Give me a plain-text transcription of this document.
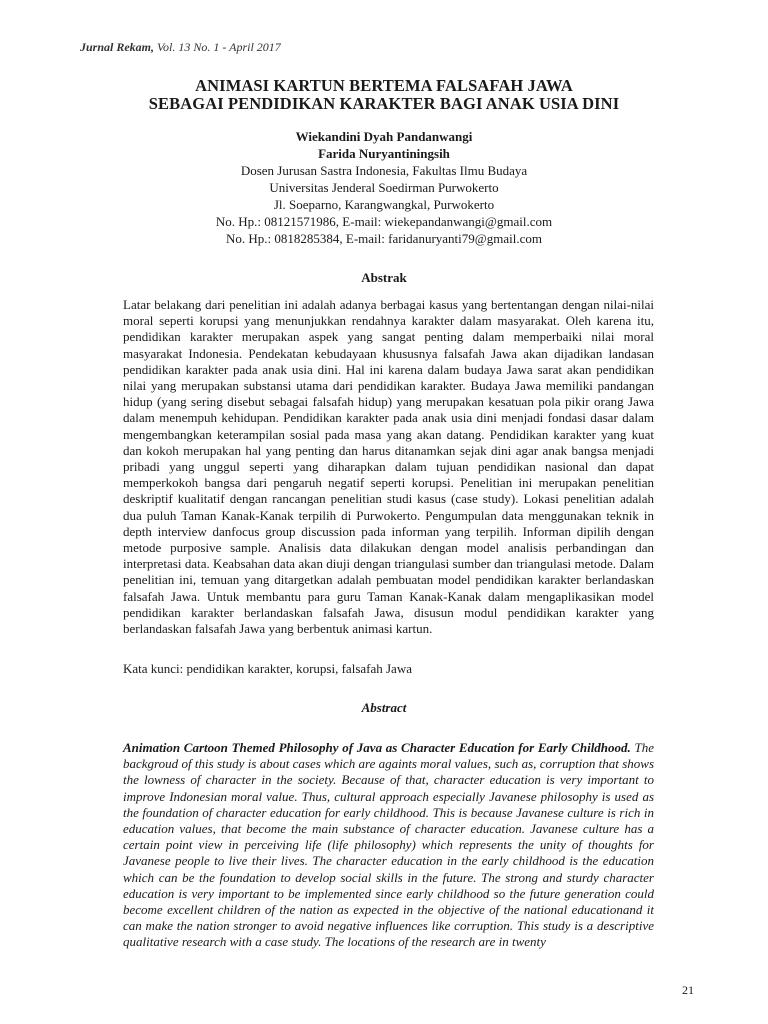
Jurnal Rekam, Vol. 13 No. 1 - April 2017
ANIMASI KARTUN BERTEMA FALSAFAH JAWA
SEBAGAI PENDIDIKAN KARAKTER BAGI ANAK USIA DINI
Wiekandini Dyah Pandanwangi
Farida Nuryantiningsih
Dosen Jurusan Sastra Indonesia, Fakultas Ilmu Budaya
Universitas Jenderal Soedirman Purwokerto
Jl. Soeparno, Karangwangkal, Purwokerto
No. Hp.: 08121571986, E-mail: wiekepandanwangi@gmail.com
No. Hp.: 0818285384, E-mail: faridanuryanti79@gmail.com
Abstrak
Latar belakang dari penelitian ini adalah adanya berbagai kasus yang bertentangan dengan nilai-nilai moral seperti korupsi yang menunjukkan rendahnya karakter dalam masyarakat. Oleh karena itu, pendidikan karakter merupakan aspek yang sangat penting dalam memperbaiki nilai moral masyarakat Indonesia. Pendekatan kebudayaan khususnya falsafah Jawa akan dijadikan landasan pendidikan karakter pada anak usia dini. Hal ini karena dalam budaya Jawa sarat akan pendidikan nilai yang merupakan substansi utama dari pendidikan karakter. Budaya Jawa memiliki pandangan hidup (yang sering disebut sebagai falsafah hidup) yang merupakan kesatuan pola pikir orang Jawa dalam menempuh kehidupan. Pendidikan karakter pada anak usia dini menjadi fondasi dasar dalam mengembangkan keterampilan sosial pada masa yang akan datang. Pendidikan karakter yang kuat dan kokoh merupakan hal yang penting dan harus ditanamkan sejak dini agar anak bangsa menjadi pribadi yang unggul seperti yang diharapkan dalam tujuan pendidikan nasional dan dapat memperkokoh bangsa dari pengaruh negatif seperti korupsi. Penelitian ini merupakan penelitian deskriptif kualitatif dengan rancangan penelitian studi kasus (case study). Lokasi penelitian adalah dua puluh Taman Kanak-Kanak terpilih di Purwokerto. Pengumpulan data menggunakan teknik in depth interview danfocus group discussion pada informan yang terpilih. Informan dipilih dengan metode purposive sample. Analisis data dilakukan dengan model analisis perbandingan dan interpretasi data. Keabsahan data akan diuji dengan triangulasi sumber dan triangulasi metode. Dalam penelitian ini, temuan yang ditargetkan adalah pembuatan model pendidikan karakter berlandaskan falsafah Jawa. Untuk membantu para guru Taman Kanak-Kanak dalam mengaplikasikan model pendidikan karakter berlandaskan falsafah Jawa, disusun modul pendidikan karakter yang berlandaskan falsafah Jawa yang berbentuk animasi kartun.
Kata kunci: pendidikan karakter, korupsi, falsafah Jawa
Abstract
Animation Cartoon Themed Philosophy of Java as Character Education for Early Childhood. The backgroud of this study is about cases which are againts moral values, such as, corruption that shows the lowness of character in the society. Because of that, character education is very important to improve Indonesian moral value. Thus, cultural approach especially Javanese philosophy is used as the foundation of character education for early childhood. This is because Javanese culture is rich in education values, that become the main substance of character education. Javanese culture has a certain point view in perceiving life (life philosophy) which represents the unity of thoughts for Javanese people to live their lives. The character education in the early childhood is the education which can be the foundation to develop social skills in the future. The strong and sturdy character education is very important to be implemented since early childhood so the future generation could become excellent children of the nation as expected in the objective of the national educationand it can make the nation stronger to avoid negative influences like corruption. This study is a descriptive qualitative research with a case study. The locations of the research are in twenty
21
